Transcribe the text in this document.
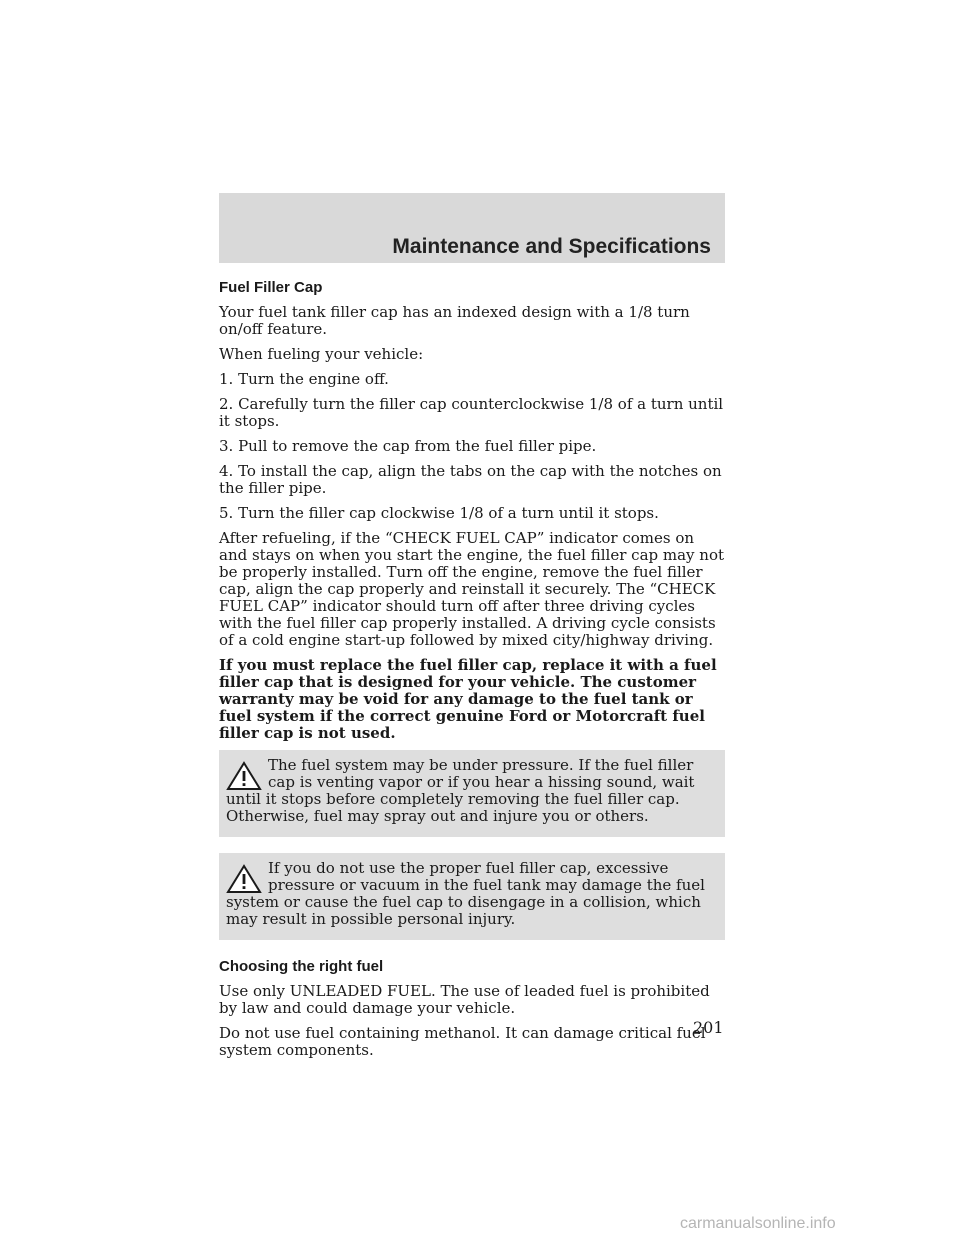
Maintenance and Specifications
Fuel Filler Cap

Your fuel tank filler cap has an indexed design with a 1/8 turn on/off feature.

When fueling your vehicle:

1. Turn the engine off.

2. Carefully turn the filler cap counterclockwise 1/8 of a turn until it stops.

3. Pull to remove the cap from the fuel filler pipe.

4. To install the cap, align the tabs on the cap with the notches on the filler pipe.

5. Turn the filler cap clockwise 1/8 of a turn until it stops.

After refueling, if the “CHECK FUEL CAP” indicator comes on and stays on when you start the engine, the fuel filler cap may not be properly installed. Turn off the engine, remove the fuel filler cap, align the cap properly and reinstall it securely. The “CHECK FUEL CAP” indicator should turn off after three driving cycles with the fuel filler cap properly installed. A driving cycle consists of a cold engine start-up followed by mixed city/highway driving.

If you must replace the fuel filler cap, replace it with a fuel filler cap that is designed for your vehicle. The customer warranty may be void for any damage to the fuel tank or fuel system if the correct genuine Ford or Motorcraft fuel filler cap is not used.

The fuel system may be under pressure. If the fuel filler cap is venting vapor or if you hear a hissing sound, wait until it stops before completely removing the fuel filler cap. Otherwise, fuel may spray out and injure you or others.

If you do not use the proper fuel filler cap, excessive pressure or vacuum in the fuel tank may damage the fuel system or cause the fuel cap to disengage in a collision, which may result in possible personal injury.

Choosing the right fuel

Use only UNLEADED FUEL. The use of leaded fuel is prohibited by law and could damage your vehicle.

Do not use fuel containing methanol. It can damage critical fuel system components.

201
carmanualsonline.info
